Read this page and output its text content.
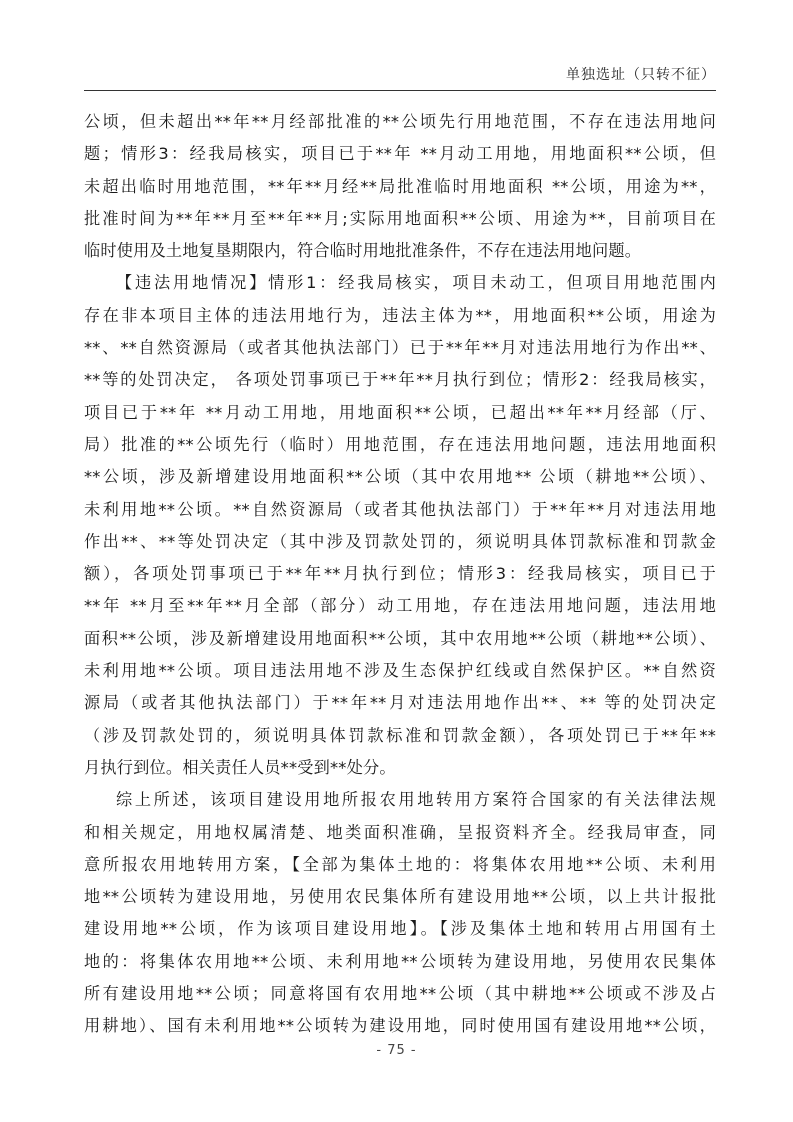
单独选址（只转不征）
公顷，但未超出**年**月经部批准的**公顷先行用地范围，不存在违法用地问
题；情形3：经我局核实，项目已于**年 **月动工用地，用地面积**公顷，但
未超出临时用地范围，**年**月经**局批准临时用地面积 **公顷，用途为**，
批准时间为**年**月至**年**月;实际用地面积**公顷、用途为**，目前项目在
临时使用及土地复垦期限内，符合临时用地批准条件，不存在违法用地问题。
【违法用地情况】情形1：经我局核实，项目未动工，但项目用地范围内
存在非本项目主体的违法用地行为，违法主体为**，用地面积**公顷，用途为
**、**自然资源局（或者其他执法部门）已于**年**月对违法用地行为作出**、
**等的处罚决定， 各项处罚事项已于**年**月执行到位；情形2：经我局核实，
项目已于**年 **月动工用地，用地面积**公顷，已超出**年**月经部（厅、
局）批准的**公顷先行（临时）用地范围，存在违法用地问题，违法用地面积
**公顷，涉及新增建设用地面积**公顷（其中农用地** 公顷（耕地**公顷）、
未利用地**公顷。**自然资源局（或者其他执法部门）于**年**月对违法用地
作出**、**等处罚决定（其中涉及罚款处罚的，须说明具体罚款标准和罚款金
额），各项处罚事项已于**年**月执行到位；情形3：经我局核实，项目已于
**年 **月至**年**月全部（部分）动工用地，存在违法用地问题，违法用地
面积**公顷，涉及新增建设用地面积**公顷，其中农用地**公顷（耕地**公顷）、
未利用地**公顷。项目违法用地不涉及生态保护红线或自然保护区。**自然资
源局（或者其他执法部门）于**年**月对违法用地作出**、** 等的处罚决定
（涉及罚款处罚的，须说明具体罚款标准和罚款金额），各项处罚已于**年**
月执行到位。相关责任人员**受到**处分。
综上所述，该项目建设用地所报农用地转用方案符合国家的有关法律法规
和相关规定，用地权属清楚、地类面积准确，呈报资料齐全。经我局审查，同
意所报农用地转用方案，【全部为集体土地的：将集体农用地**公顷、未利用
地**公顷转为建设用地，另使用农民集体所有建设用地**公顷，以上共计报批
建设用地**公顷，作为该项目建设用地】。【涉及集体土地和转用占用国有土
地的：将集体农用地**公顷、未利用地**公顷转为建设用地，另使用农民集体
所有建设用地**公顷；同意将国有农用地**公顷（其中耕地**公顷或不涉及占
用耕地）、国有未利用地**公顷转为建设用地，同时使用国有建设用地**公顷，
- 75 -
